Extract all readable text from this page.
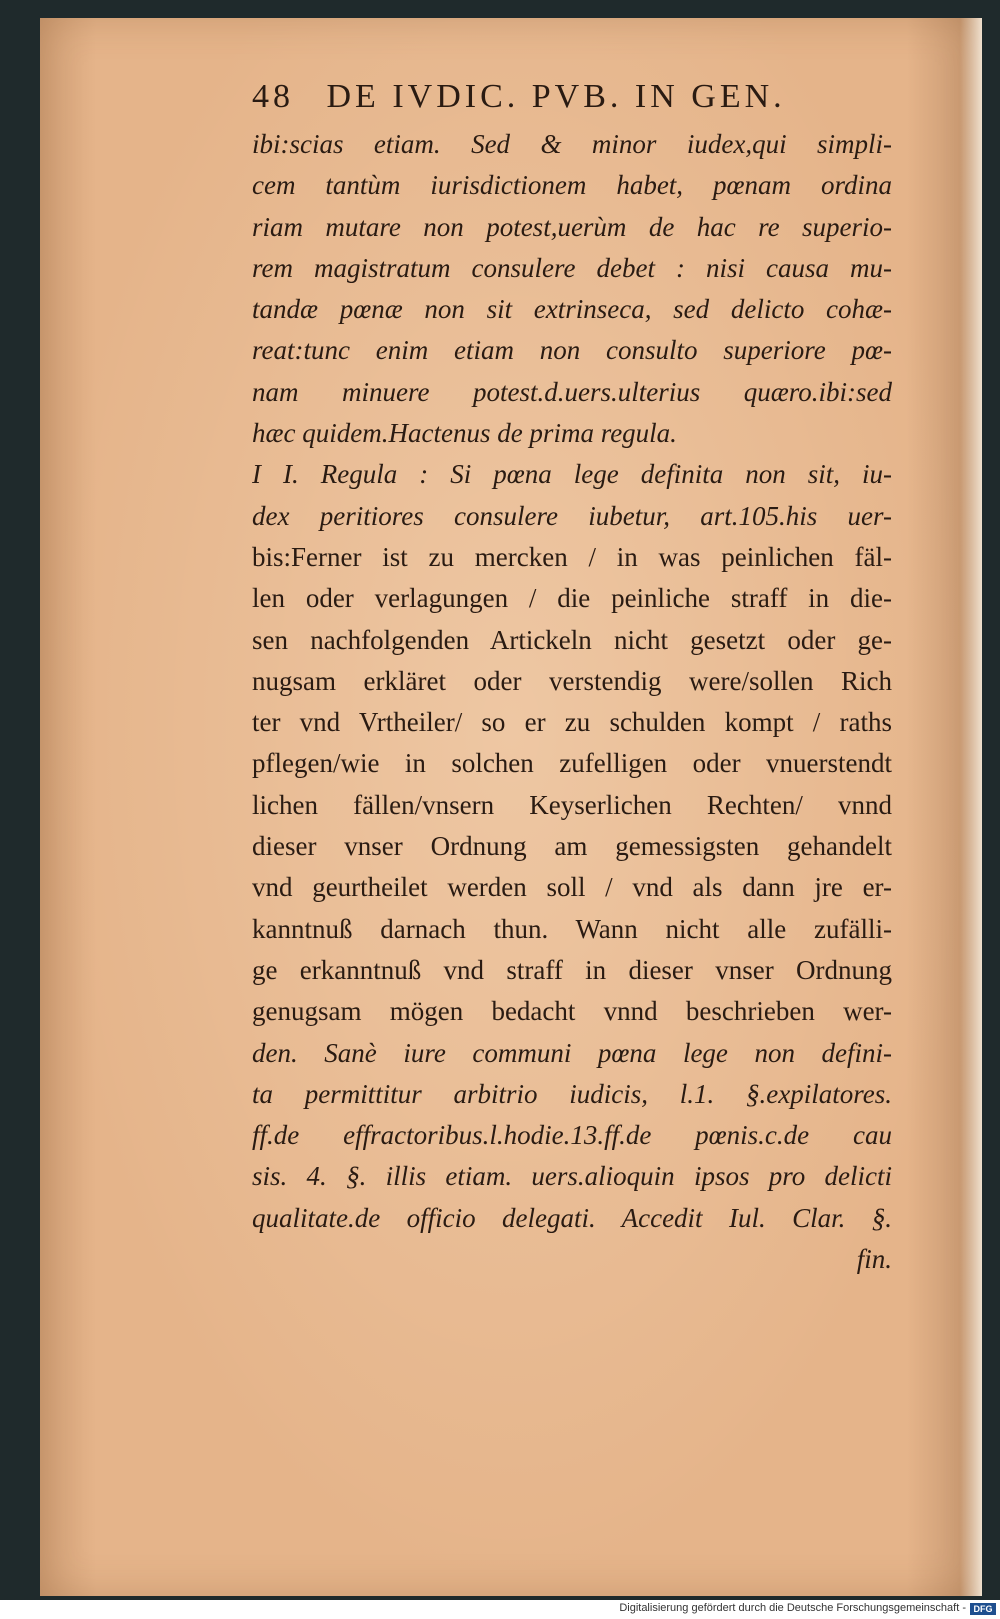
48 DE IVDIC. PVB. IN GEN.
ibi:scias etiam. Sed & minor iudex,qui simpli-
cem tantùm iurisdictionem habet, pœnam ordina
riam mutare non potest,uerùm de hac re superio-
rem magistratum consulere debet : nisi causa mu-
tandæ pœnæ non sit extrinseca, sed delicto cohæ-
reat:tunc enim etiam non consulto superiore pœ-
nam minuere potest.d.uers.ulterius quæro.ibi:sed
hæc quidem.Hactenus de prima regula.
I I. Regula : Si pœna lege definita non sit, iu-
dex peritiores consulere iubetur, art.105.his uer-
bis:Ferner ist zu mercken / in was peinlichen fäl-
len oder verlagungen / die peinliche straff in die-
sen nachfolgenden Artickeln nicht gesetzt oder ge-
nugsam erkläret oder verstendig were/sollen Rich
ter vnd Vrtheiler/ so er zu schulden kompt / raths
pflegen/wie in solchen zufelligen oder vnuerstendt
lichen fällen/vnsern Keyserlichen Rechten/ vnnd
dieser vnser Ordnung am gemessigsten gehandelt
vnd geurtheilet werden soll / vnd als dann jre er-
kanntnuß darnach thun. Wann nicht alle zufälli-
ge erkanntnuß vnd straff in dieser vnser Ordnung
genugsam mögen bedacht vnnd beschrieben wer-
den. Sanè iure communi pœna lege non defini-
ta permittitur arbitrio iudicis, l.1. §.expilatores.
ff.de effractoribus.l.hodie.13.ff.de pœnis.c.de cau
sis. 4. §. illis etiam. uers.alioquin ipsos pro delicti
qualitate.de officio delegati. Accedit Iul. Clar. §.
fin.
Digitalisierung gefördert durch die Deutsche Forschungsgemeinschaft - DFG
